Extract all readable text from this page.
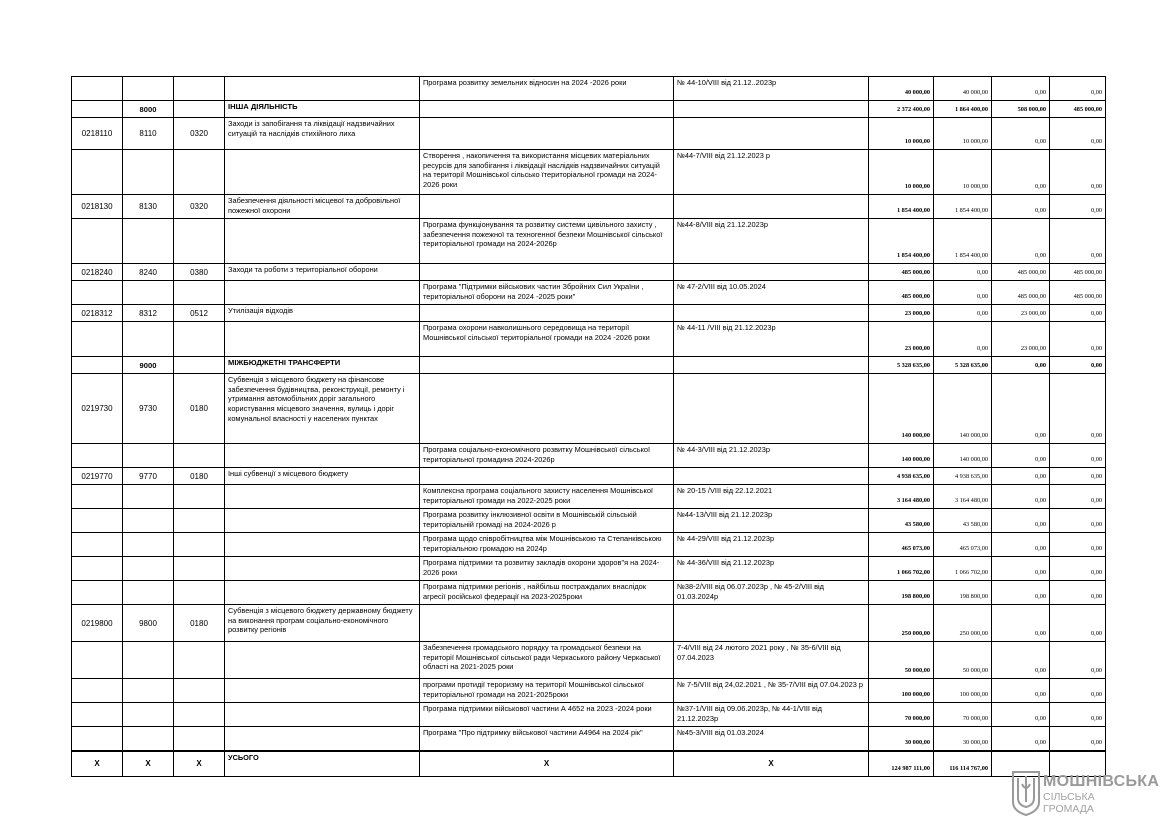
				Програма розвитку земельних відносин на 2024 -2026 роки	№ 44-10/VIII від 21.12..2023р	40 000,00	40 000,00	0,00	0,00
	8000		ІНША ДІЯЛЬНІСТЬ			2 372 400,00	1 864 400,00	508 000,00	485 000,00
0218110	8110	0320	Заходи із запобігання та ліквідації надзвичайних ситуацій та наслідків стихійного лиха			10 000,00	10 000,00	0,00	0,00
				Створення , накопичення та використання місцевих матеріальних ресурсів для запобігання і ліквідації наслідків надзвичайних ситуацій на території Мошнівської сільсько їтериторіальної громади на 2024-2026 роки	№44-7/VIII від 21.12.2023 р	10 000,00	10 000,00	0,00	0,00
0218130	8130	0320	Забезпечення діяльності місцевої та добровільної пожежної охорони			1 854 400,00	1 854 400,00	0,00	0,00
				Програма функціонування та розвитку системи цивільного захисту , забезпечення пожежної та техногенної безпеки Мошнівської сільської територіальної громади на 2024-2026р	№44-8/VIII від 21.12.2023р	1 854 400,00	1 854 400,00	0,00	0,00
0218240	8240	0380	Заходи та роботи з територіальної оборони			485 000,00	0,00	485 000,00	485 000,00
				Програма "Підтримки військових частин Збройних Сил України , територіальної оборони на 2024 -2025 роки"	№ 47-2/VIII від 10.05.2024	485 000,00	0,00	485 000,00	485 000,00
0218312	8312	0512	Утилізація відходів			23 000,00	0,00	23 000,00	0,00
				Програма охорони навколишнього середовища на території Мошнівської сільської територіальної громади на 2024 -2026 роки	№ 44-11 /VIII від 21.12.2023р	23 000,00	0,00	23 000,00	0,00
	9000		МІЖБЮДЖЕТНІ ТРАНСФЕРТИ			5 328 635,00	5 328 635,00	0,00	0,00
0219730	9730	0180	Субвенція з місцевого бюджету на фінансове забезпечення будівництва, реконструкції, ремонту і утримання автомобільних доріг загального користування місцевого значення, вулиць і доріг комунальної власності у населених пунктах			140 000,00	140 000,00	0,00	0,00
				Програма соціально-економічного розвитку Мошнівської сільської територіальної громадина 2024-2026р	№ 44-3/VIII від 21.12.2023р	140 000,00	140 000,00	0,00	0,00
0219770	9770	0180	Інші субвенції з місцевого бюджету			4 938 635,00	4 938 635,00	0,00	0,00
				Комплексна програма соціального захисту населення Мошнівської територіальної громади на 2022-2025 роки	№ 20-15 /VIII від 22.12.2021	3 164 480,00	3 164 480,00	0,00	0,00
				Програма розвитку інклюзивної освіти в Мошнівській сільській територіальній громаді на 2024-2026 р	№44-13/VIII від 21.12.2023р	43 580,00	43 580,00	0,00	0,00
				Програма щодо співробітництва між Мошнівською та Степанківською територіальною громадою на 2024р	№ 44-29/VIII від 21.12.2023р	465 073,00	465 073,00	0,00	0,00
				Програма підтримки та розвитку закладів охорони здоров"я на 2024-2026 роки	№ 44-36/VIII від 21.12.2023р	1 066 702,00	1 066 702,00	0,00	0,00
				Програма підтримки регіонів , найбільш постраждалих внаслідок агресії російської федерації на 2023-2025роки	№38-2/VIII від 06.07.2023р , № 45-2/VIII від 01.03.2024р	198 800,00	198 800,00	0,00	0,00
0219800	9800	0180	Субвенція з місцевого бюджету державному бюджету на виконання програм соціально-економічного розвитку регіонів			250 000,00	250 000,00	0,00	0,00
				Забезпечення громадського порядку та громадської безпеки на території Мошнівської сільської ради Черкаського району Черкаської області на 2021-2025 роки	7-4/VIII від 24 лютого 2021 року , № 35-6/VIII від 07.04.2023	50 000,00	50 000,00	0,00	0,00
				програми протидії тероризму на території Мошнівської сільської територіальної громади на 2021-2025роки	№ 7-5/VIII від 24,02.2021 , № 35-7/VIII від 07.04.2023 р	100 000,00	100 000,00	0,00	0,00
				Програма підтримки військової частини А 4652 на 2023 -2024 роки	№37-1/VIII від 09.06.2023р, № 44-1/VIII від 21.12.2023р	70 000,00	70 000,00	0,00	0,00
				Програма "Про підтримку військової частини А4964 на 2024 рік"	№45-3/VIII від 01.03.2024	30 000,00	30 000,00	0,00	0,00
X	X	X	УСЬОГО	X	X	124 987 111,00	116 114 767,00		
МОШНІВСЬКА
СІЛЬСЬКА
ГРОМАДА
